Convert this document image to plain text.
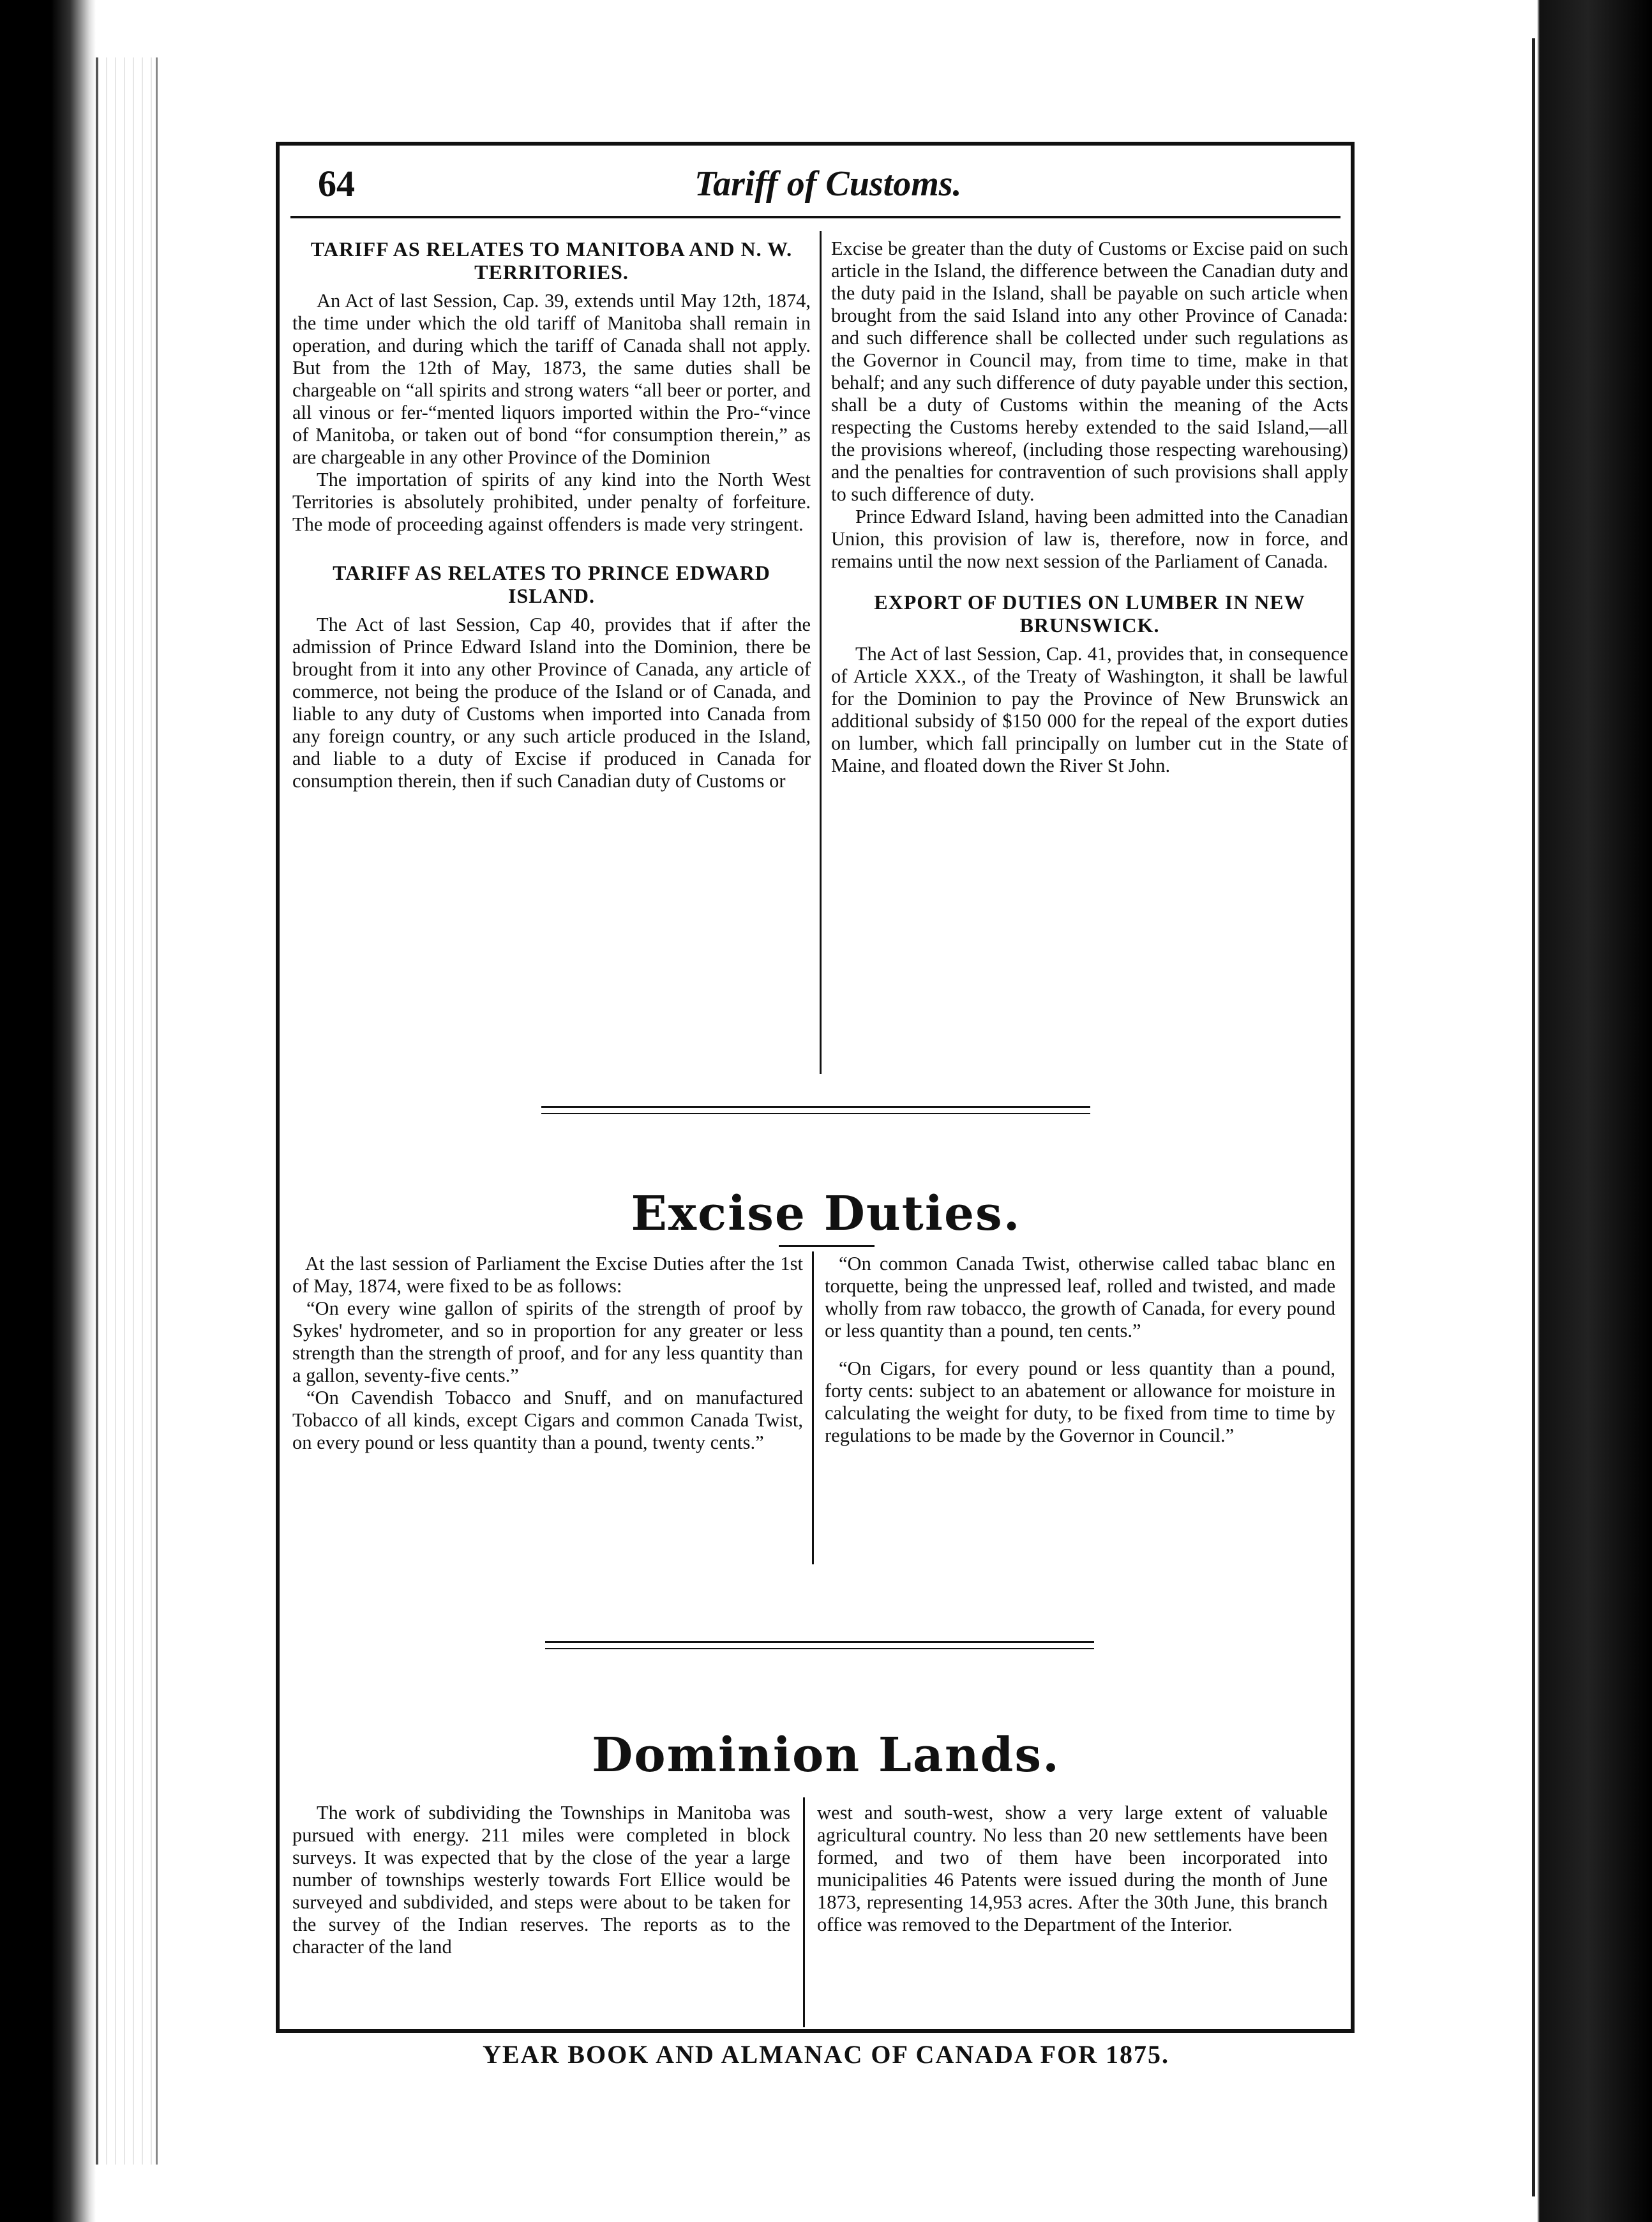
64	Tariff of Customs.
TARIFF AS RELATES TO MANITOBA AND N. W. TERRITORIES.

An Act of last Session, Cap. 39, extends until May 12th, 1874, the time under which the old tariff of Manitoba shall remain in operation, and during which the tariff of Canada shall not apply. But from the 12th of May, 1873, the same duties shall be chargeable on “all spirits and strong waters “all beer or porter, and all vinous or fer-“mented liquors imported within the Pro-“vince of Manitoba, or taken out of bond “for consumption therein,” as are chargeable in any other Province of the Dominion

The importation of spirits of any kind into the North West Territories is absolutely prohibited, under penalty of forfeiture. The mode of proceeding against offenders is made very stringent.

TARIFF AS RELATES TO PRINCE EDWARD ISLAND.

The Act of last Session, Cap 40, provides that if after the admission of Prince Edward Island into the Dominion, there be brought from it into any other Province of Canada, any article of commerce, not being the produce of the Island or of Canada, and liable to any duty of Customs when imported into Canada from any foreign country, or any such article produced in the Island, and liable to a duty of Excise if produced in Canada for consumption therein, then if such Canadian duty of Customs or

Excise be greater than the duty of Customs or Excise paid on such article in the Island, the difference between the Canadian duty and the duty paid in the Island, shall be payable on such article when brought from the said Island into any other Province of Canada: and such difference shall be collected under such regulations as the Governor in Council may, from time to time, make in that behalf; and any such difference of duty payable under this section, shall be a duty of Customs within the meaning of the Acts respecting the Customs hereby extended to the said Island,—all the provisions whereof, (including those respecting warehousing) and the penalties for contravention of such provisions shall apply to such difference of duty.

Prince Edward Island, having been admitted into the Canadian Union, this provision of law is, therefore, now in force, and remains until the now next session of the Parliament of Canada.

EXPORT OF DUTIES ON LUMBER IN NEW BRUNSWICK.

The Act of last Session, Cap. 41, provides that, in consequence of Article XXX., of the Treaty of Washington, it shall be lawful for the Dominion to pay the Province of New Brunswick an additional subsidy of $150 000 for the repeal of the export duties on lumber, which fall principally on lumber cut in the State of Maine, and floated down the River St John.

Excise Duties.

At the last session of Parliament the Excise Duties after the 1st of May, 1874, were fixed to be as follows:

“On every wine gallon of spirits of the strength of proof by Sykes' hydrometer, and so in proportion for any greater or less strength than the strength of proof, and for any less quantity than a gallon, seventy-five cents.”

“On Cavendish Tobacco and Snuff, and on manufactured Tobacco of all kinds, except Cigars and common Canada Twist, on every pound or less quantity than a pound, twenty cents.”

“On common Canada Twist, otherwise called tabac blanc en torquette, being the unpressed leaf, rolled and twisted, and made wholly from raw tobacco, the growth of Canada, for every pound or less quantity than a pound, ten cents.”

“On Cigars, for every pound or less quantity than a pound, forty cents: subject to an abatement or allowance for moisture in calculating the weight for duty, to be fixed from time to time by regulations to be made by the Governor in Council.”

Dominion Lands.

The work of subdividing the Townships in Manitoba was pursued with energy. 211 miles were completed in block surveys. It was expected that by the close of the year a large number of townships westerly towards Fort Ellice would be surveyed and subdivided, and steps were about to be taken for the survey of the Indian reserves. The reports as to the character of the land

west and south-west, show a very large extent of valuable agricultural country. No less than 20 new settlements have been formed, and two of them have been incorporated into municipalities 46 Patents were issued during the month of June 1873, representing 14,953 acres. After the 30th June, this branch office was removed to the Department of the Interior.

YEAR BOOK AND ALMANAC OF CANADA FOR 1875.
